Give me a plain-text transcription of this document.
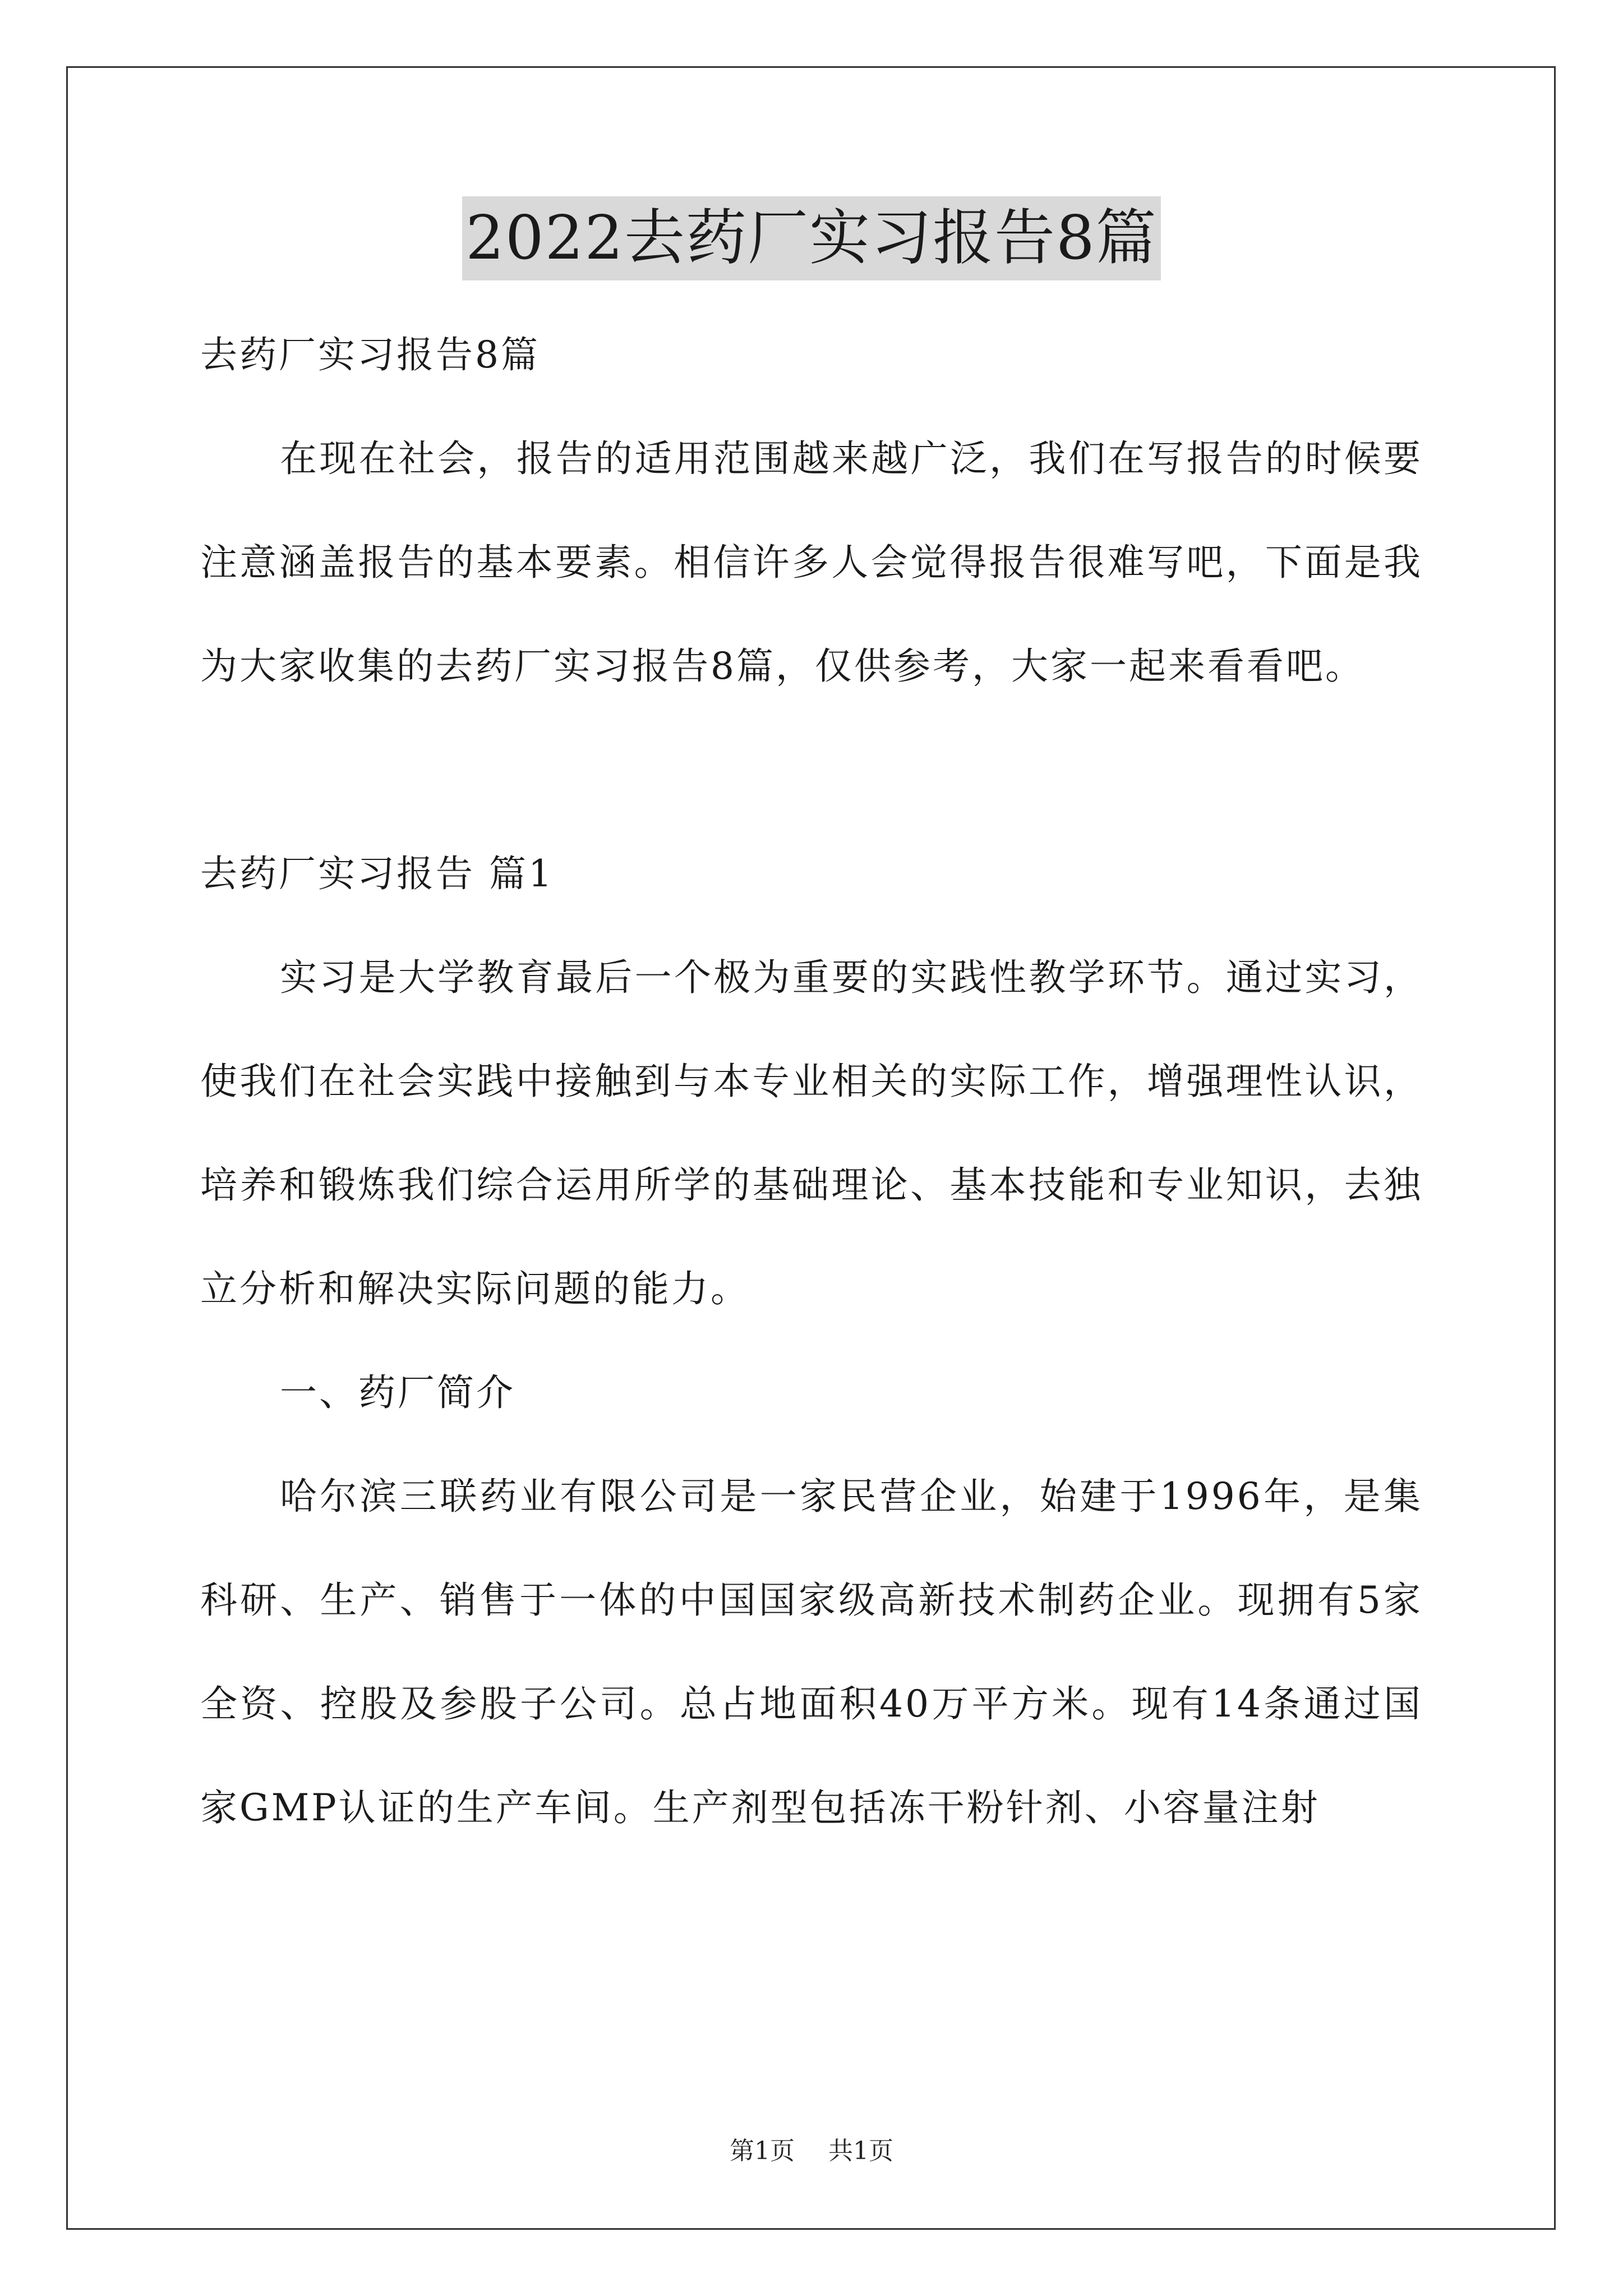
2022去药厂实习报告8篇

去药厂实习报告8篇

在现在社会，报告的适用范围越来越广泛，我们在写报告的时候要注意涵盖报告的基本要素。相信许多人会觉得报告很难写吧，下面是我为大家收集的去药厂实习报告8篇，仅供参考，大家一起来看看吧。

去药厂实习报告 篇1

实习是大学教育最后一个极为重要的实践性教学环节。通过实习，使我们在社会实践中接触到与本专业相关的实际工作，增强理性认识，培养和锻炼我们综合运用所学的基础理论、基本技能和专业知识，去独立分析和解决实际问题的能力。

一、药厂简介

哈尔滨三联药业有限公司是一家民营企业，始建于1996年，是集科研、生产、销售于一体的中国国家级高新技术制药企业。现拥有5家全资、控股及参股子公司。总占地面积40万平方米。现有14条通过国家GMP认证的生产车间。生产剂型包括冻干粉针剂、小容量注射

第1页 共1页
